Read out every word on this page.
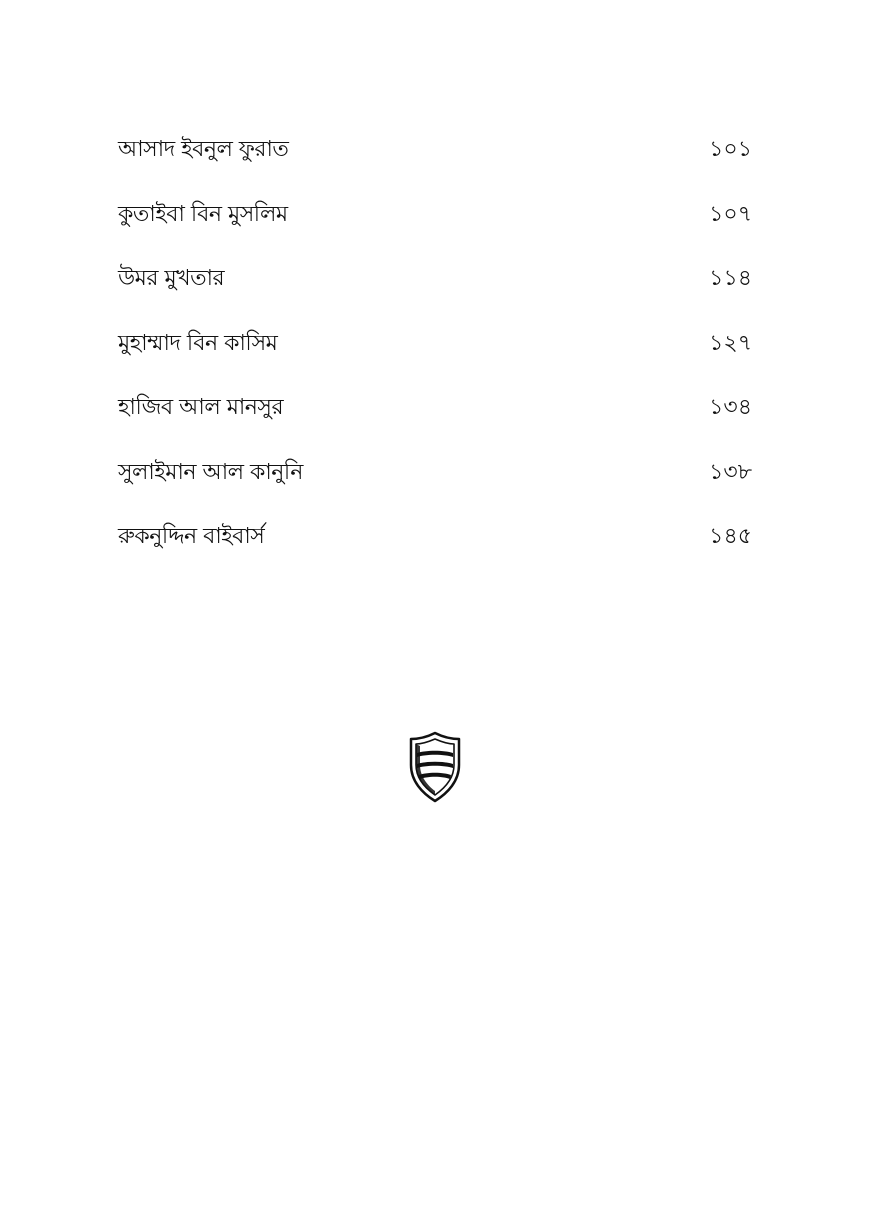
আসাদ ইবনুল ফুরাত	১০১
কুতাইবা বিন মুসলিম	১০৭
উমর মুখতার	১১৪
মুহাম্মাদ বিন কাসিম	১২৭
হাজিব আল মানসুর	১৩৪
সুলাইমান আল কানুনি	১৩৮
রুকনুদ্দিন বাইবার্স	১৪৫
